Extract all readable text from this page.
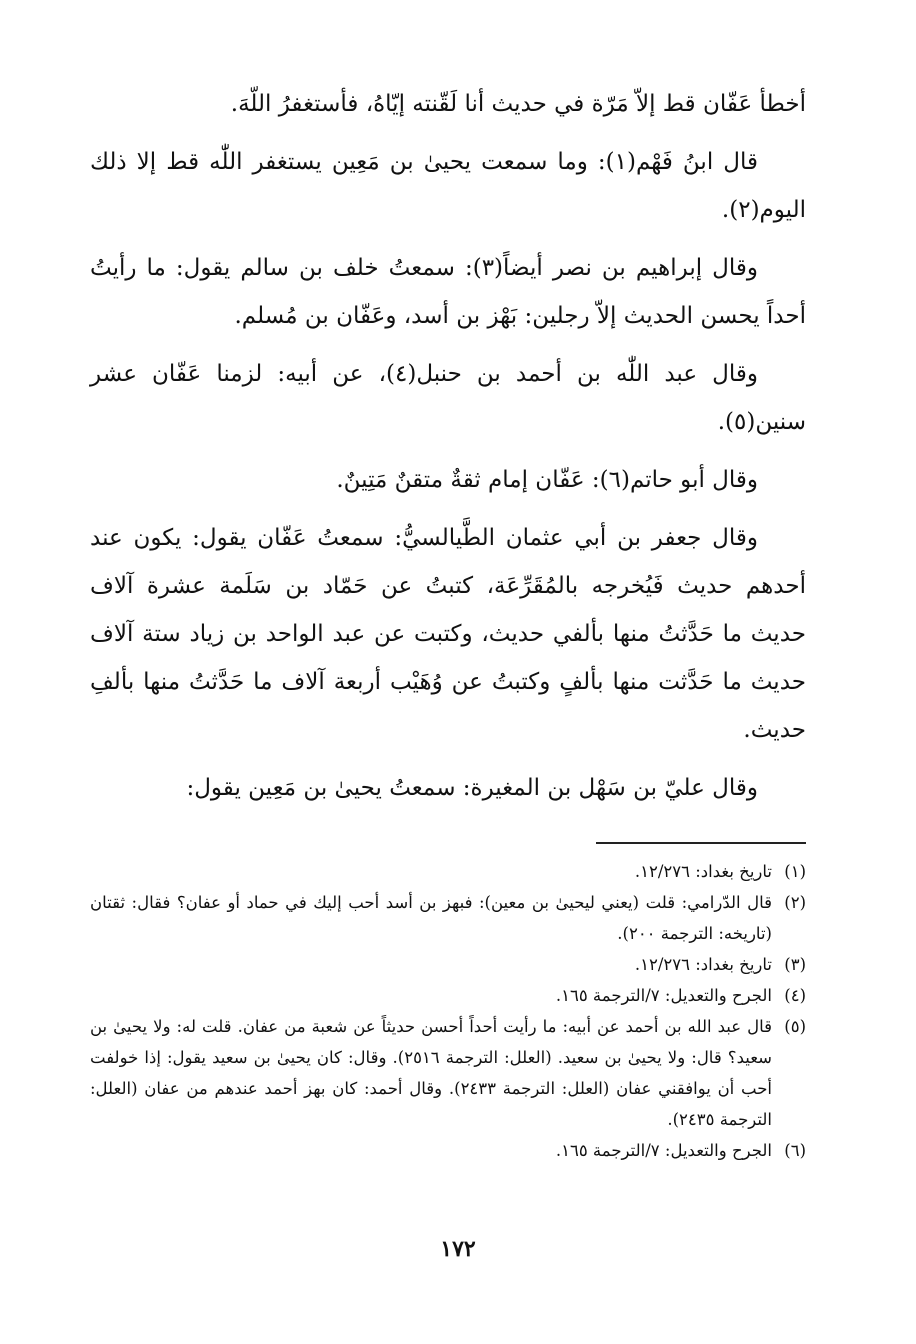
أخطأ عَفّان قط إلاّ مَرّة في حديث أنا لَقّنته إيّاهُ، فأستغفرُ اللّهَ.

قال ابنُ فَهْم(١): وما سمعت يحيىٰ بن مَعِين يستغفر اللّٰه قط إلا ذلك اليوم(٢).

وقال إبراهيم بن نصر أيضاً(٣): سمعتُ خلف بن سالم يقول: ما رأيتُ أحداً يحسن الحديث إلاّ رجلين: بَهْز بن أسد، وعَفّان بن مُسلم.

وقال عبد اللّٰه بن أحمد بن حنبل(٤)، عن أبيه: لزمنا عَفّان عشر سنين(٥).

وقال أبو حاتم(٦): عَفّان إمام ثقةٌ متقنٌ مَتِينٌ.

وقال جعفر بن أبي عثمان الطَّيالسيُّ: سمعتُ عَفّان يقول: يكون عند أحدهم حديث فَيُخرجه بالمُقَرِّعَة، كتبتُ عن حَمّاد بن سَلَمة عشرة آلاف حديث ما حَدَّثتُ منها بألفي حديث، وكتبت عن عبد الواحد بن زياد ستة آلاف حديث ما حَدَّثت منها بألفٍ وكتبتُ عن وُهَيْب أربعة آلاف ما حَدَّثتُ منها بألفِ حديث.

وقال عليّ بن سَهْل بن المغيرة: سمعتُ يحيىٰ بن مَعِين يقول:

(١)
تاريخ بغداد: ١٢/٢٧٦.

(٢)
قال الدّرامي: قلت (يعني ليحيىٰ بن معين): فبهز بن أسد أحب إليك في حماد أو عفان؟ فقال: ثقتان (تاريخه: الترجمة ٢٠٠).

(٣)
تاريخ بغداد: ١٢/٢٧٦.

(٤)
الجرح والتعديل: ٧/الترجمة ١٦٥.

(٥)
قال عبد الله بن أحمد عن أبيه: ما رأيت أحداً أحسن حديثاً عن شعبة من عفان. قلت له: ولا يحيىٰ بن سعيد؟ قال: ولا يحيىٰ بن سعيد. (العلل: الترجمة ٢٥١٦). وقال: كان يحيىٰ بن سعيد يقول: إذا خولفت أحب أن يوافقني عفان (العلل: الترجمة ٢٤٣٣). وقال أحمد: كان بهز أحمد عندهم من عفان (العلل: الترجمة ٢٤٣٥).

(٦)
الجرح والتعديل: ٧/الترجمة ١٦٥.

١٧٢
